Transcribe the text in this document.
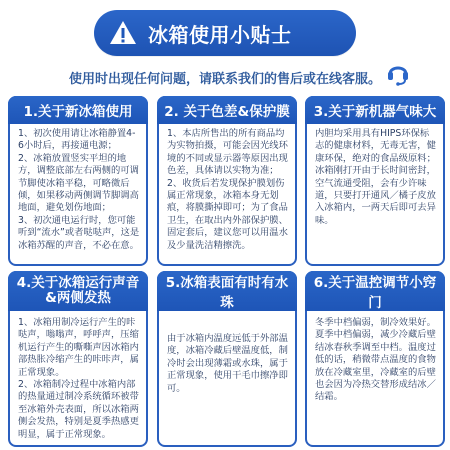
冰箱使用小贴士
使用时出现任何问题，请联系我们的售后或在线客服。
1.关于新冰箱使用

1、初次使用请让冰箱静置4-6小时后，再接通电源；

2、冰箱放置竖实平坦的地方，调整底部左右两侧的可调节脚使冰箱平稳，可略微后倾，如果移动两侧调节脚调高地面，避免划伤地面；

3、初次通电运行时，您可能听到“流水”或者哒哒声，这是冰箱苏醒的声音，不必在意。

2. 关于色差&保护膜

1、本店所售出的所有商品均为实物拍摄，可能会因光线环境的不同或显示器等原因出现色差，具体请以实物为准；

2、收货后若发现保护膜划伤属正常现象，冰箱本身无划痕，将膜撕掉即可；为了食品卫生，在取出内外部保护膜、固定套后，建议您可以用温水及少量洗洁精擦洗。

3.关于新机器气味大

内胆均采用具有HIPS环保标志的健康材料，无毒无害，健康环保，绝对的食品级原料；冰箱刚打开由于长时间密封，空气流通受阻，会有少许味道，只要打开通风／橘子皮放入冰箱内，一两天后即可去异味。

4.关于冰箱运行声音
&两侧发热

1、冰箱用制冷运行产生的咔哒声，嗡嗡声，呼呼声，压缩机运行产生的嘶嘶声因冰箱内部热胀冷缩产生的咔咔声，属正常现象。

2、冰箱制冷过程中冰箱内部的热量通过制冷系统循环被带至冰箱外壳表面，所以冰箱两侧会发热，特别是夏季热感更明显，属于正常现象。

5.冰箱表面有时有水珠

由于冰箱内温度远低于外部温度，冰箱冷藏后壁温度低，制冷时会出现薄霜或水珠，属于正常现象，使用干毛巾擦净即可。

6.关于温控调节小窍门

冬季中档偏弱，制冷效果好。夏季中档偏弱，减少冷藏后壁结冰春秋季调至中档。温度过低的话，稍微带点温度的食物放在冷藏室里，冷藏室的后壁也会因为冷热交替形成结冰／结霜。
